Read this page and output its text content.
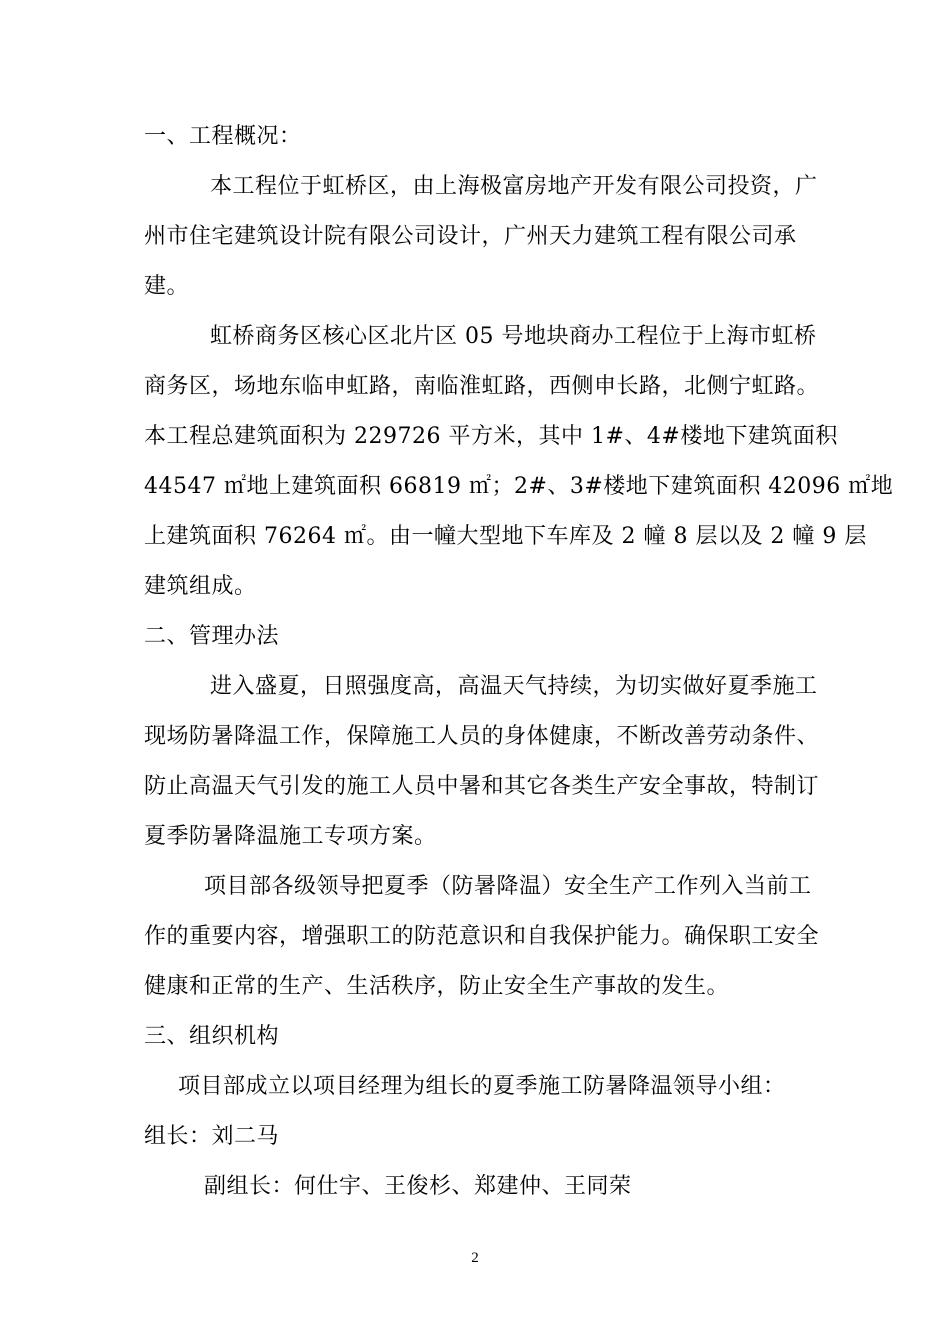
一、工程概况：
本工程位于虹桥区，由上海极富房地产开发有限公司投资，广
州市住宅建筑设计院有限公司设计，广州天力建筑工程有限公司承
建。
虹桥商务区核心区北片区 05 号地块商办工程位于上海市虹桥
商务区，场地东临申虹路，南临淮虹路，西侧申长路，北侧宁虹路。
本工程总建筑面积为 229726 平方米，其中 1#、4#楼地下建筑面积
44547 ㎡地上建筑面积 66819 ㎡；2#、3#楼地下建筑面积 42096 ㎡地
上建筑面积 76264 ㎡。由一幢大型地下车库及 2 幢 8 层以及 2 幢 9 层
建筑组成。
二、管理办法
进入盛夏，日照强度高，高温天气持续，为切实做好夏季施工
现场防暑降温工作，保障施工人员的身体健康，不断改善劳动条件、
防止高温天气引发的施工人员中暑和其它各类生产安全事故，特制订
夏季防暑降温施工专项方案。
项目部各级领导把夏季（防暑降温）安全生产工作列入当前工
作的重要内容，增强职工的防范意识和自我保护能力。确保职工安全
健康和正常的生产、生活秩序，防止安全生产事故的发生。
三、组织机构
项目部成立以项目经理为组长的夏季施工防暑降温领导小组：
组长：刘二马
副组长：何仕宇、王俊杉、郑建仲、王同荣
2
